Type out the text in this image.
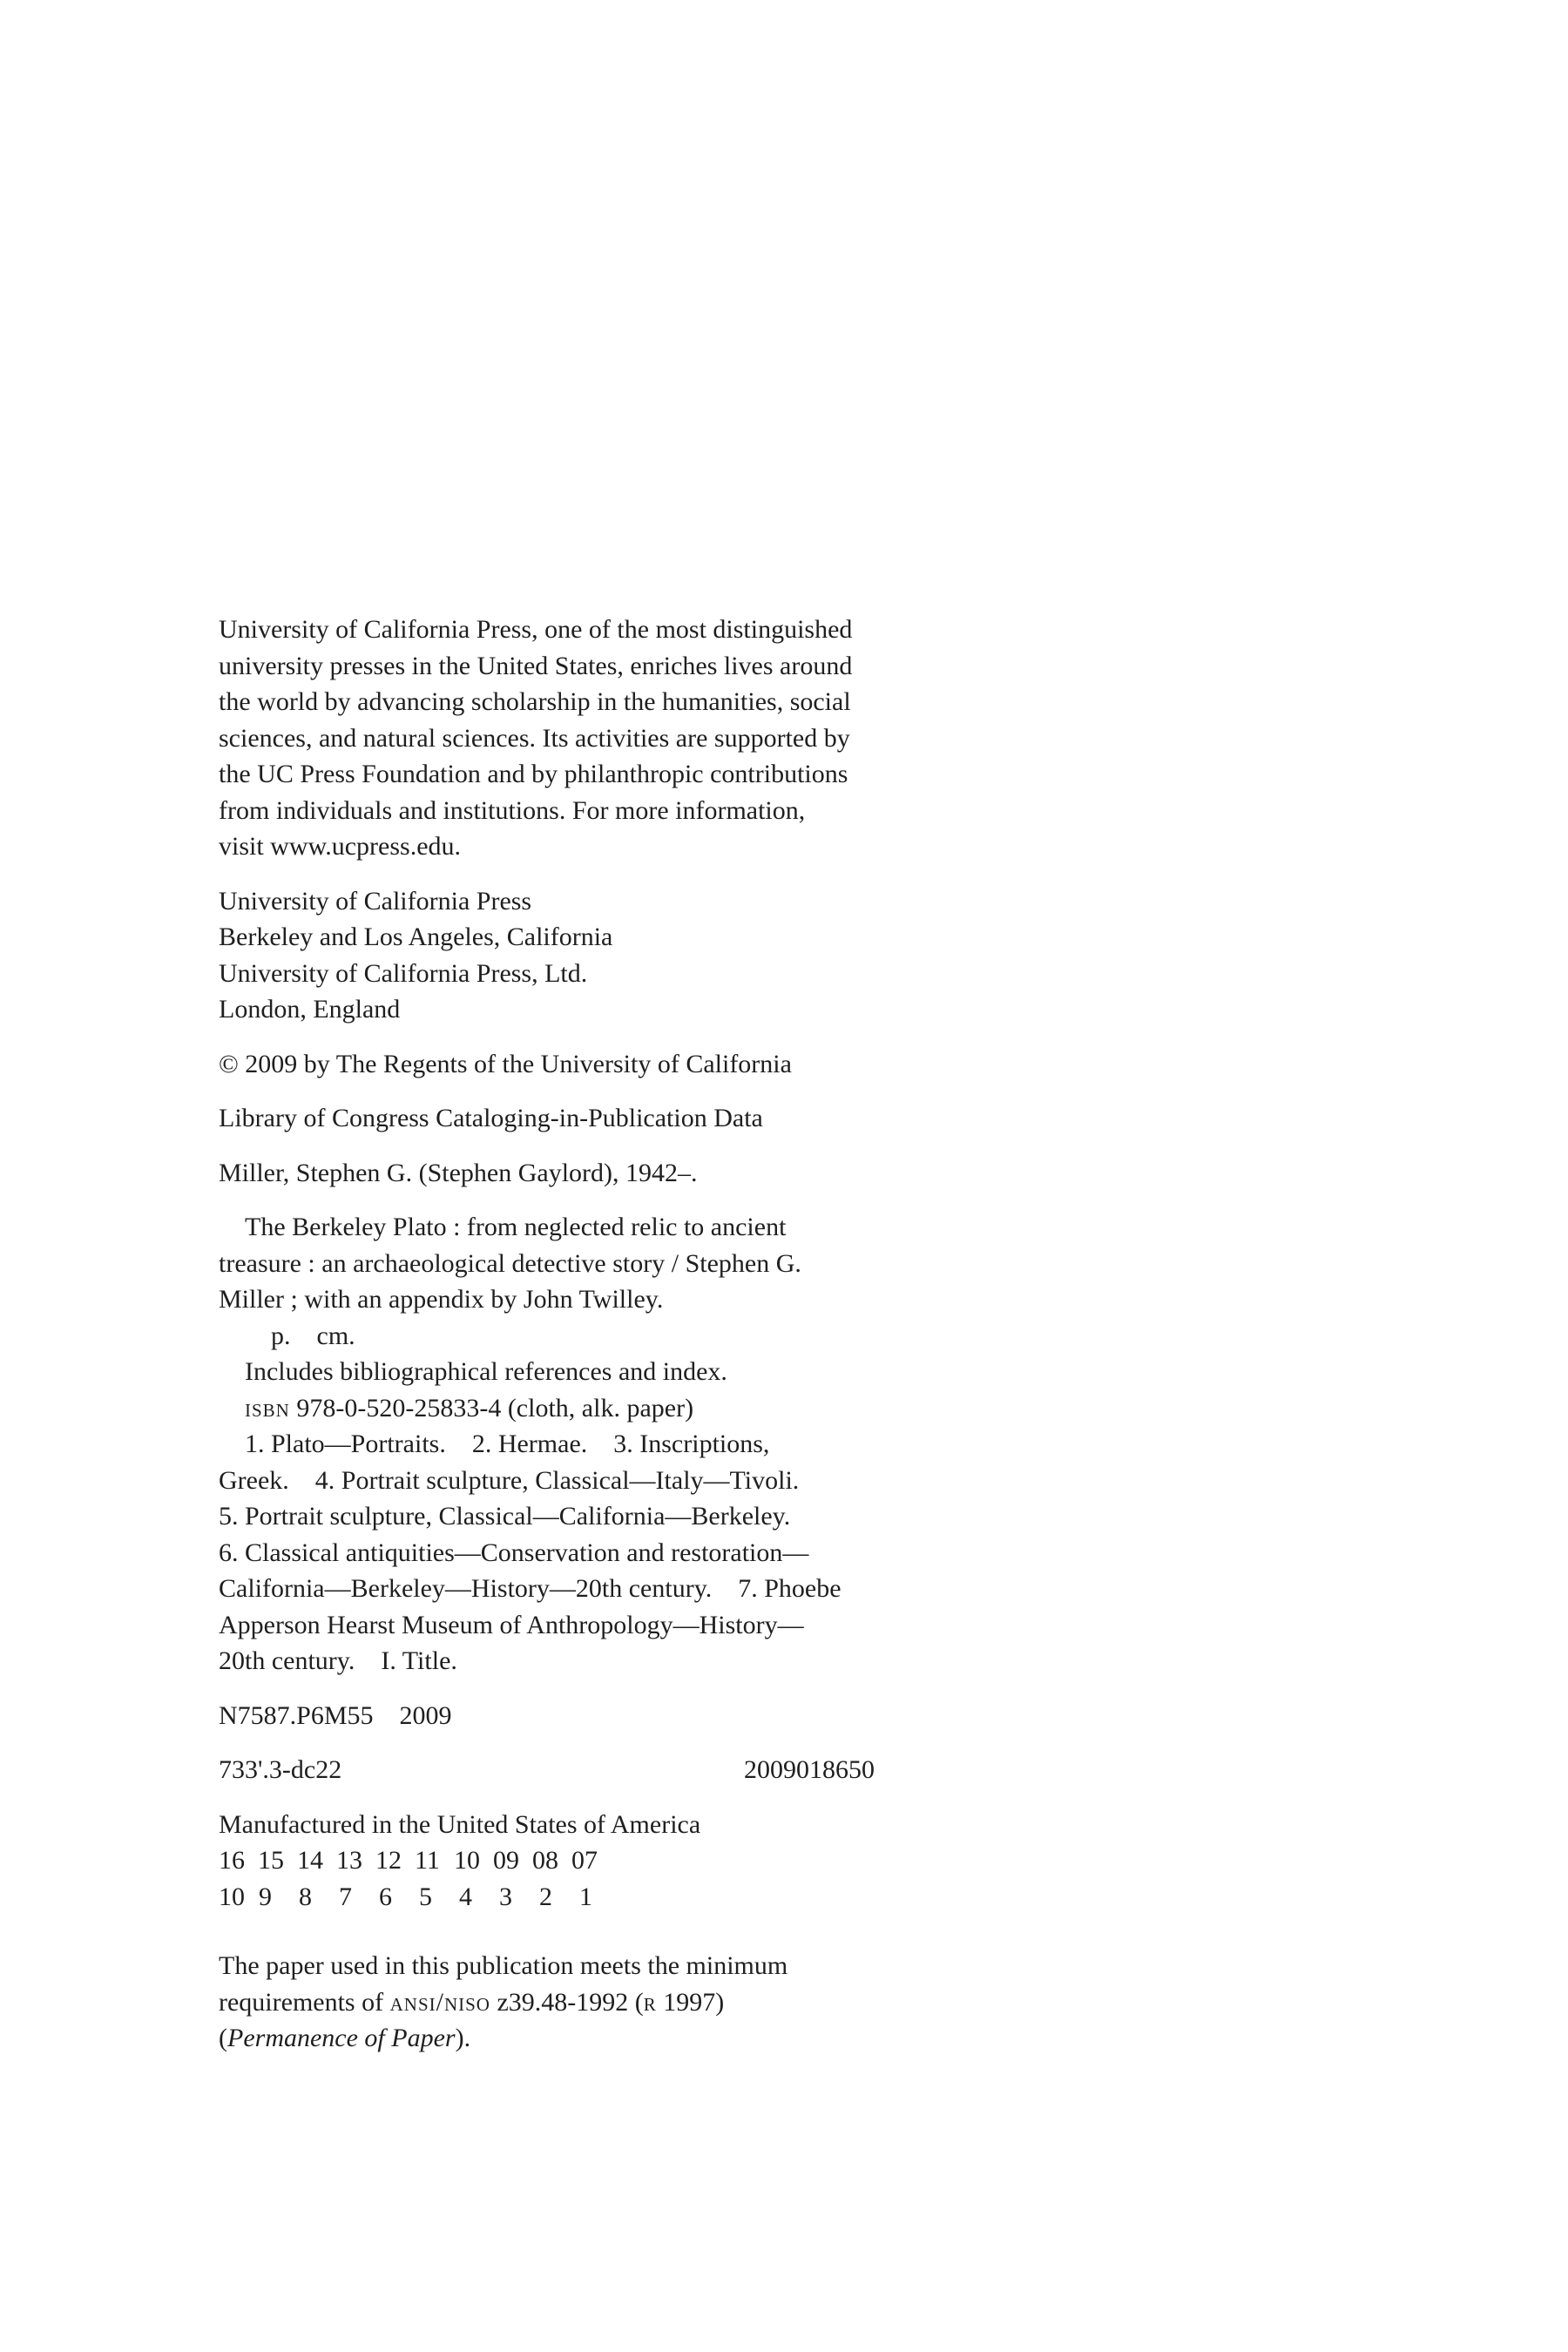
University of California Press, one of the most distinguished
university presses in the United States, enriches lives around
the world by advancing scholarship in the humanities, social
sciences, and natural sciences. Its activities are supported by
the UC Press Foundation and by philanthropic contributions
from individuals and institutions. For more information,
visit www.ucpress.edu.
University of California Press
Berkeley and Los Angeles, California
University of California Press, Ltd.
London, England
© 2009 by The Regents of the University of California
Library of Congress Cataloging-in-Publication Data
Miller, Stephen G. (Stephen Gaylord), 1942–.
The Berkeley Plato : from neglected relic to ancient
treasure : an archaeological detective story / Stephen G.
Miller ; with an appendix by John Twilley.
p.    cm.
Includes bibliographical references and index.
isbn 978-0-520-25833-4 (cloth, alk. paper)
1. Plato—Portraits.    2. Hermae.    3. Inscriptions,
Greek.    4. Portrait sculpture, Classical—Italy—Tivoli.
5. Portrait sculpture, Classical—California—Berkeley.
6. Classical antiquities—Conservation and restoration—
California—Berkeley—History—20th century.    7. Phoebe
Apperson Hearst Museum of Anthropology—History—
20th century.    I. Title.
N7587.P6M55    2009
733'.3-dc22	2009018650
Manufactured in the United States of America
16 15 14 13 12 11 10 09 08 07
10 9	8	7	6	5	4	3	2	1
The paper used in this publication meets the minimum
requirements of ansi/niso z39.48-1992 (r 1997)
(Permanence of Paper).
